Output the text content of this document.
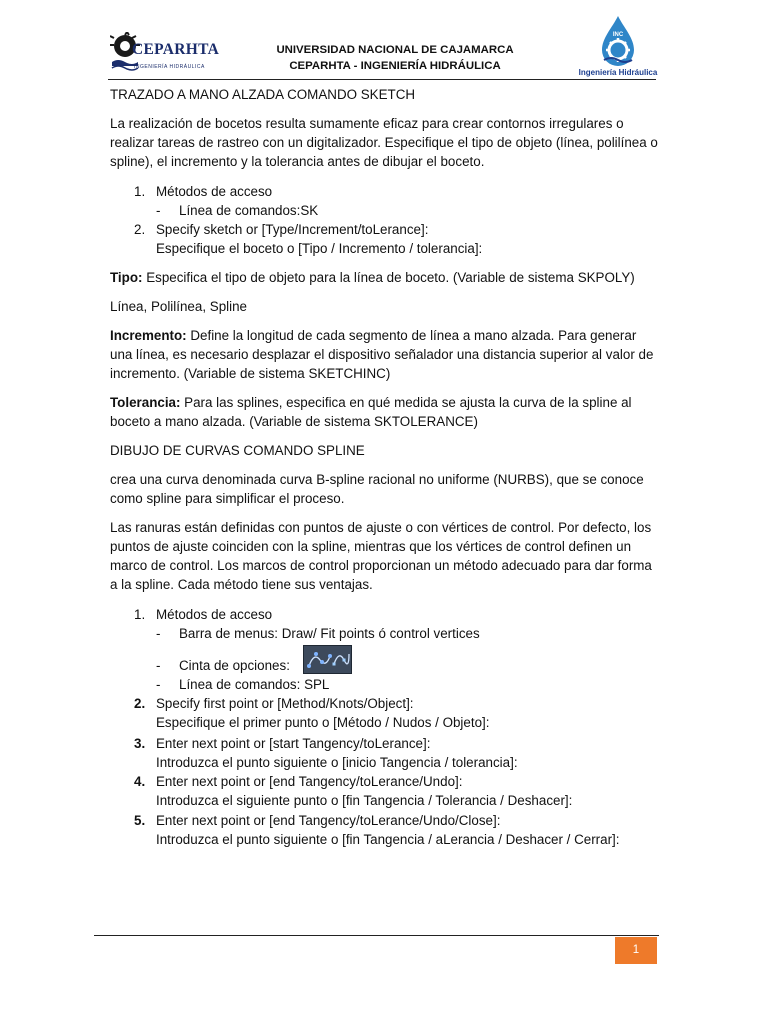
CEPARHTA
INGENIERÍA HIDRÁULICA
UNIVERSIDAD NACIONAL DE CAJAMARCA
CEPARHTA - INGENIERÍA HIDRÁULICA
INC
Ingeniería Hidráulica
TRAZADO A MANO ALZADA COMANDO SKETCH

La realización de bocetos resulta sumamente eficaz para crear contornos irregulares o realizar tareas de rastreo con un digitalizador. Especifique el tipo de objeto (línea, polilínea o spline), el incremento y la tolerancia antes de dibujar el boceto.

1. Métodos de acceso
- Línea de comandos:SK
2. Specify sketch or [Type/Increment/toLerance]:
Especifique el boceto o [Tipo / Incremento / tolerancia]:

Tipo: Especifica el tipo de objeto para la línea de boceto. (Variable de sistema SKPOLY)

Línea, Polilínea, Spline

Incremento: Define la longitud de cada segmento de línea a mano alzada. Para generar una línea, es necesario desplazar el dispositivo señalador una distancia superior al valor de incremento. (Variable de sistema SKETCHINC)

Tolerancia: Para las splines, especifica en qué medida se ajusta la curva de la spline al boceto a mano alzada. (Variable de sistema SKTOLERANCE)

DIBUJO DE CURVAS COMANDO SPLINE

crea una curva denominada curva B-spline racional no uniforme (NURBS), que se conoce como spline para simplificar el proceso.

Las ranuras están definidas con puntos de ajuste o con vértices de control. Por defecto, los puntos de ajuste coinciden con la spline, mientras que los vértices de control definen un marco de control. Los marcos de control proporcionan un método adecuado para dar forma a la spline. Cada método tiene sus ventajas.

1. Métodos de acceso
- Barra de menus: Draw/ Fit points ó control vertices
- Cinta de opciones:
- Línea de comandos: SPL
2. Specify first point or [Method/Knots/Object]:
Especifique el primer punto o [Método / Nudos / Objeto]:
3. Enter next point or [start Tangency/toLerance]:
Introduzca el punto siguiente o [inicio Tangencia / tolerancia]:
4. Enter next point or [end Tangency/toLerance/Undo]:
Introduzca el siguiente punto o [fin Tangencia / Tolerancia / Deshacer]:
5. Enter next point or [end Tangency/toLerance/Undo/Close]:
Introduzca el punto siguiente o [fin Tangencia / aLerancia / Deshacer / Cerrar]:
1
